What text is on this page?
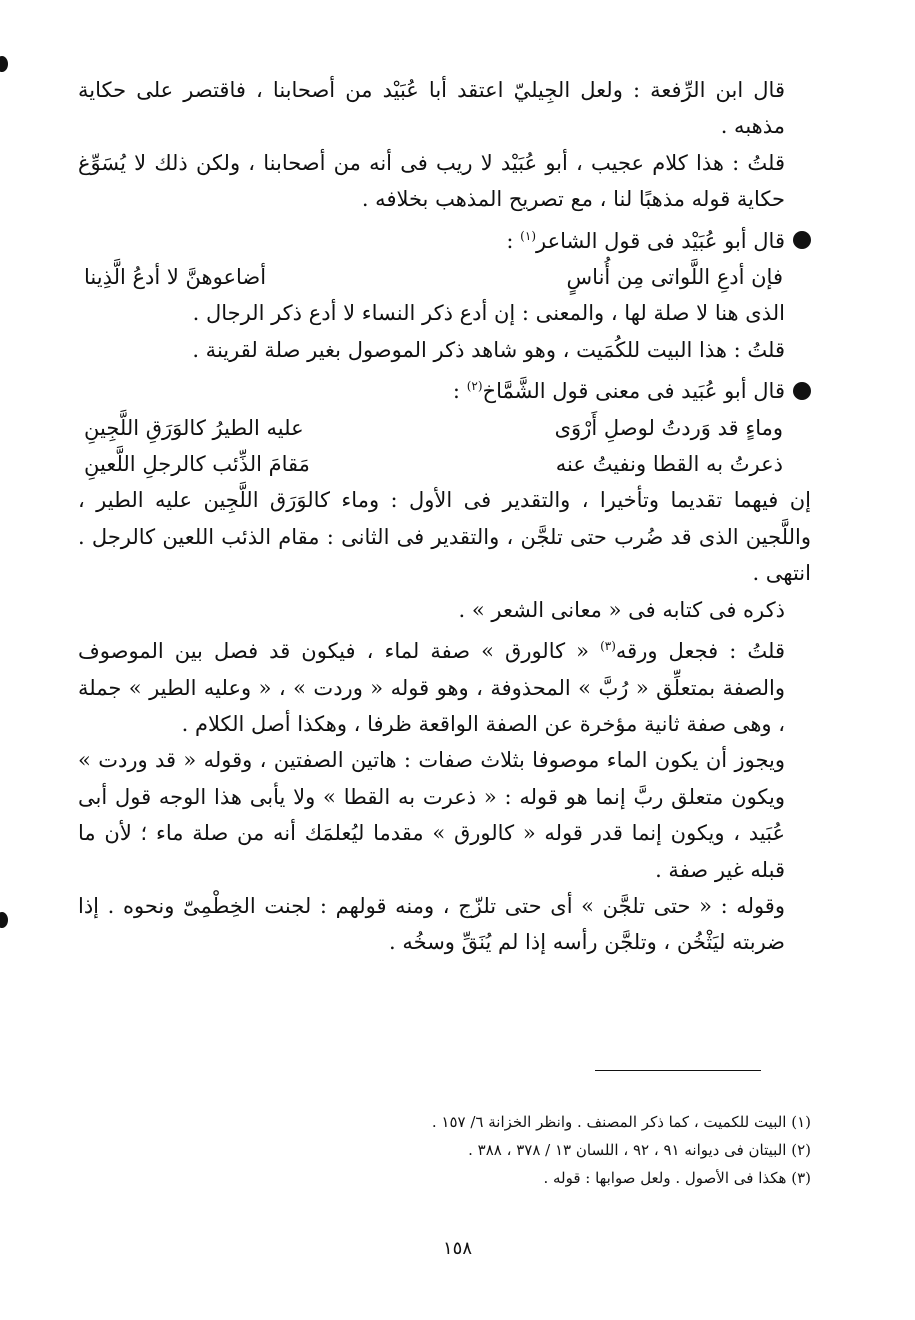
قال ابن الرِّفعة : ولعل الجِيليّ اعتقد أبا عُبَيْد من أصحابنا ، فاقتصر على حكاية مذهبه .

قلتُ : هذا كلام عجيب ، أبو عُبَيْد لا ريب فى أنه من أصحابنا ، ولكن ذلك لا يُسَوِّغ حكاية قوله مذهبًا لنا ، مع تصريح المذهب بخلافه .

قال أبو عُبَيْد فى قول الشاعر$^{(١)}$ :

فإن أدعِ اللَّواتى مِن أُناسٍ
أضاعوهنَّ لا أدعُ الَّذِينا

الذى هنا لا صلة لها ، والمعنى : إن أدع ذكر النساء لا أدع ذكر الرجال .

قلتُ : هذا البيت للكُمَيت ، وهو شاهد ذكر الموصول بغير صلة لقرينة .

قال أبو عُبَيد فى معنى قول الشَّمَّاخ$^{(٢)}$ :

وماءٍ قد وَردتُ لوصلِ أَرْوَى
عليه الطيرُ كالوَرَقِ اللَّجِينِ
ذعرتُ به القطا ونفيتُ عنه
مَقامَ الذِّئب كالرجلِ اللَّعينِ

إن فيهما تقديما وتأخيرا ، والتقدير فى الأول : وماء كالوَرَق اللَّجِين عليه الطير ، واللَّجين الذى قد ضُرب حتى تلجَّن ، والتقدير فى الثانى : مقام الذئب اللعين كالرجل . انتهى .

ذكره فى كتابه فى « معانى الشعر » .

قلتُ : فجعل ورقه$^{(٣)}$ « كالورق » صفة لماء ، فيكون قد فصل بين الموصوف والصفة بمتعلِّق « رُبَّ » المحذوفة ، وهو قوله « وردت » ، « وعليه الطير » جملة ، وهى صفة ثانية مؤخرة عن الصفة الواقعة ظرفا ، وهكذا أصل الكلام .

ويجوز أن يكون الماء موصوفا بثلاث صفات : هاتين الصفتين ، وقوله « قد وردت » ويكون متعلق ربَّ إنما هو قوله : « ذعرت به القطا » ولا يأبى هذا الوجه قول أبى عُبَيد ، ويكون إنما قدر قوله « كالورق » مقدما ليُعلمَك أنه من صلة ماء ؛ لأن ما قبله غير صفة .

وقوله : « حتى تلجَّن » أى حتى تلزّج ، ومنه قولهم : لجنت الخِطْمِىّ ونحوه . إذا ضربته ليَثْخُن ، وتلجَّن رأسه إذا لم يُنَقِّ وسخُه .

(١) البيت للكميت ، كما ذكر المصنف . وانظر الخزانة ٦/ ١٥٧ .

(٢) البيتان فى ديوانه ٩١ ، ٩٢ ، اللسان ١٣ / ٣٧٨ ، ٣٨٨ .

(٣) هكذا فى الأصول . ولعل صوابها : قوله .

١٥٨
